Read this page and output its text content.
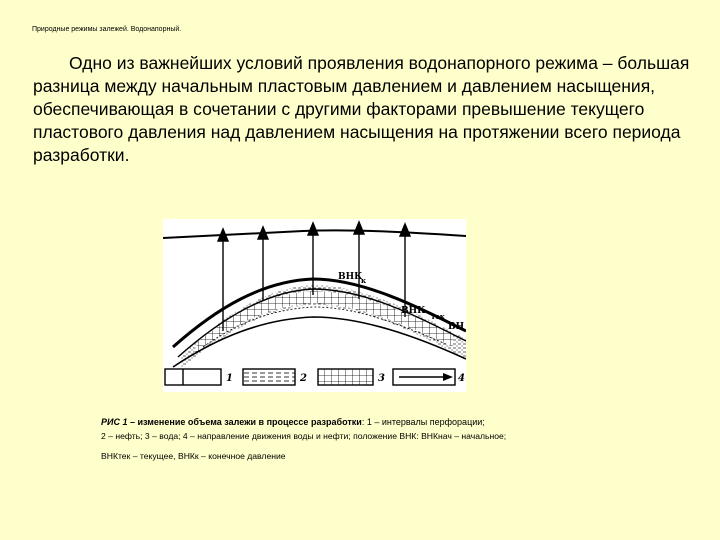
Природные режимы залежей. Водонапорный.

Одно из важнейших условий проявления водонапорного режима – большая разница между начальным пластовым давлением и давлением насыщения, обеспечивающая в сочетании с другими факторами превышение текущего пластового давления над давлением насыщения на протяжении всего периода разработки.

ВНК
к
ВНК
тек
ВН
1	2	3	4
РИС 1 – изменение объема залежи в процессе разработки: 1 – интервалы перфорации;
2 – нефть; 3 – вода; 4 – направление движения воды и нефти; положение ВНК: ВНКнач – начальное;
ВНКтек – текущее, ВНКк – конечное давление
